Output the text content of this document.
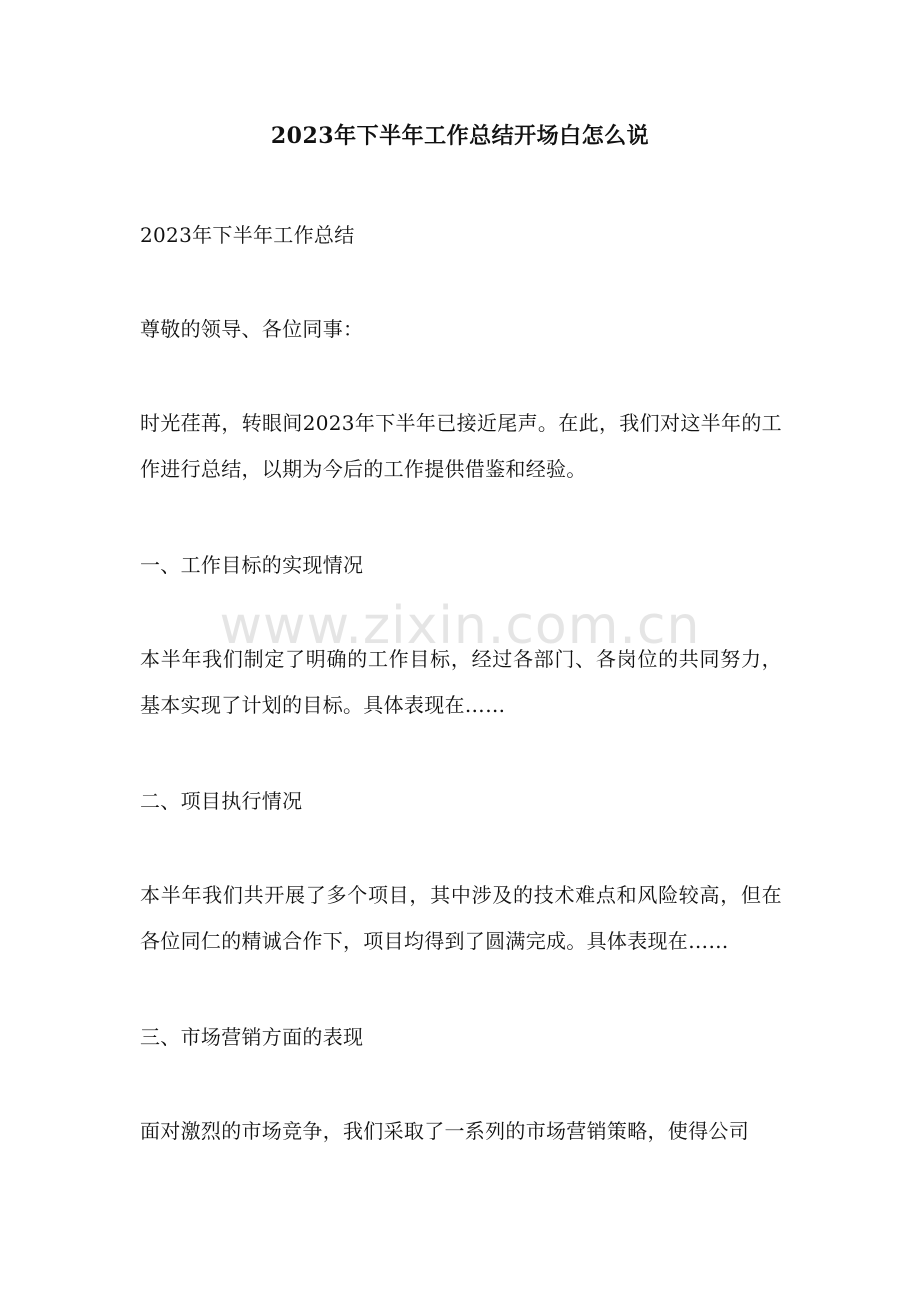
2023年下半年工作总结开场白怎么说

2023年下半年工作总结

尊敬的领导、各位同事：

时光荏苒，转眼间2023年下半年已接近尾声。在此，我们对这半年的工作进行总结，以期为今后的工作提供借鉴和经验。

一、工作目标的实现情况

本半年我们制定了明确的工作目标，经过各部门、各岗位的共同努力，基本实现了计划的目标。具体表现在……

二、项目执行情况

本半年我们共开展了多个项目，其中涉及的技术难点和风险较高，但在各位同仁的精诚合作下，项目均得到了圆满完成。具体表现在……

三、市场营销方面的表现

面对激烈的市场竞争，我们采取了一系列的市场营销策略，使得公司

www.zixin.com.cn
